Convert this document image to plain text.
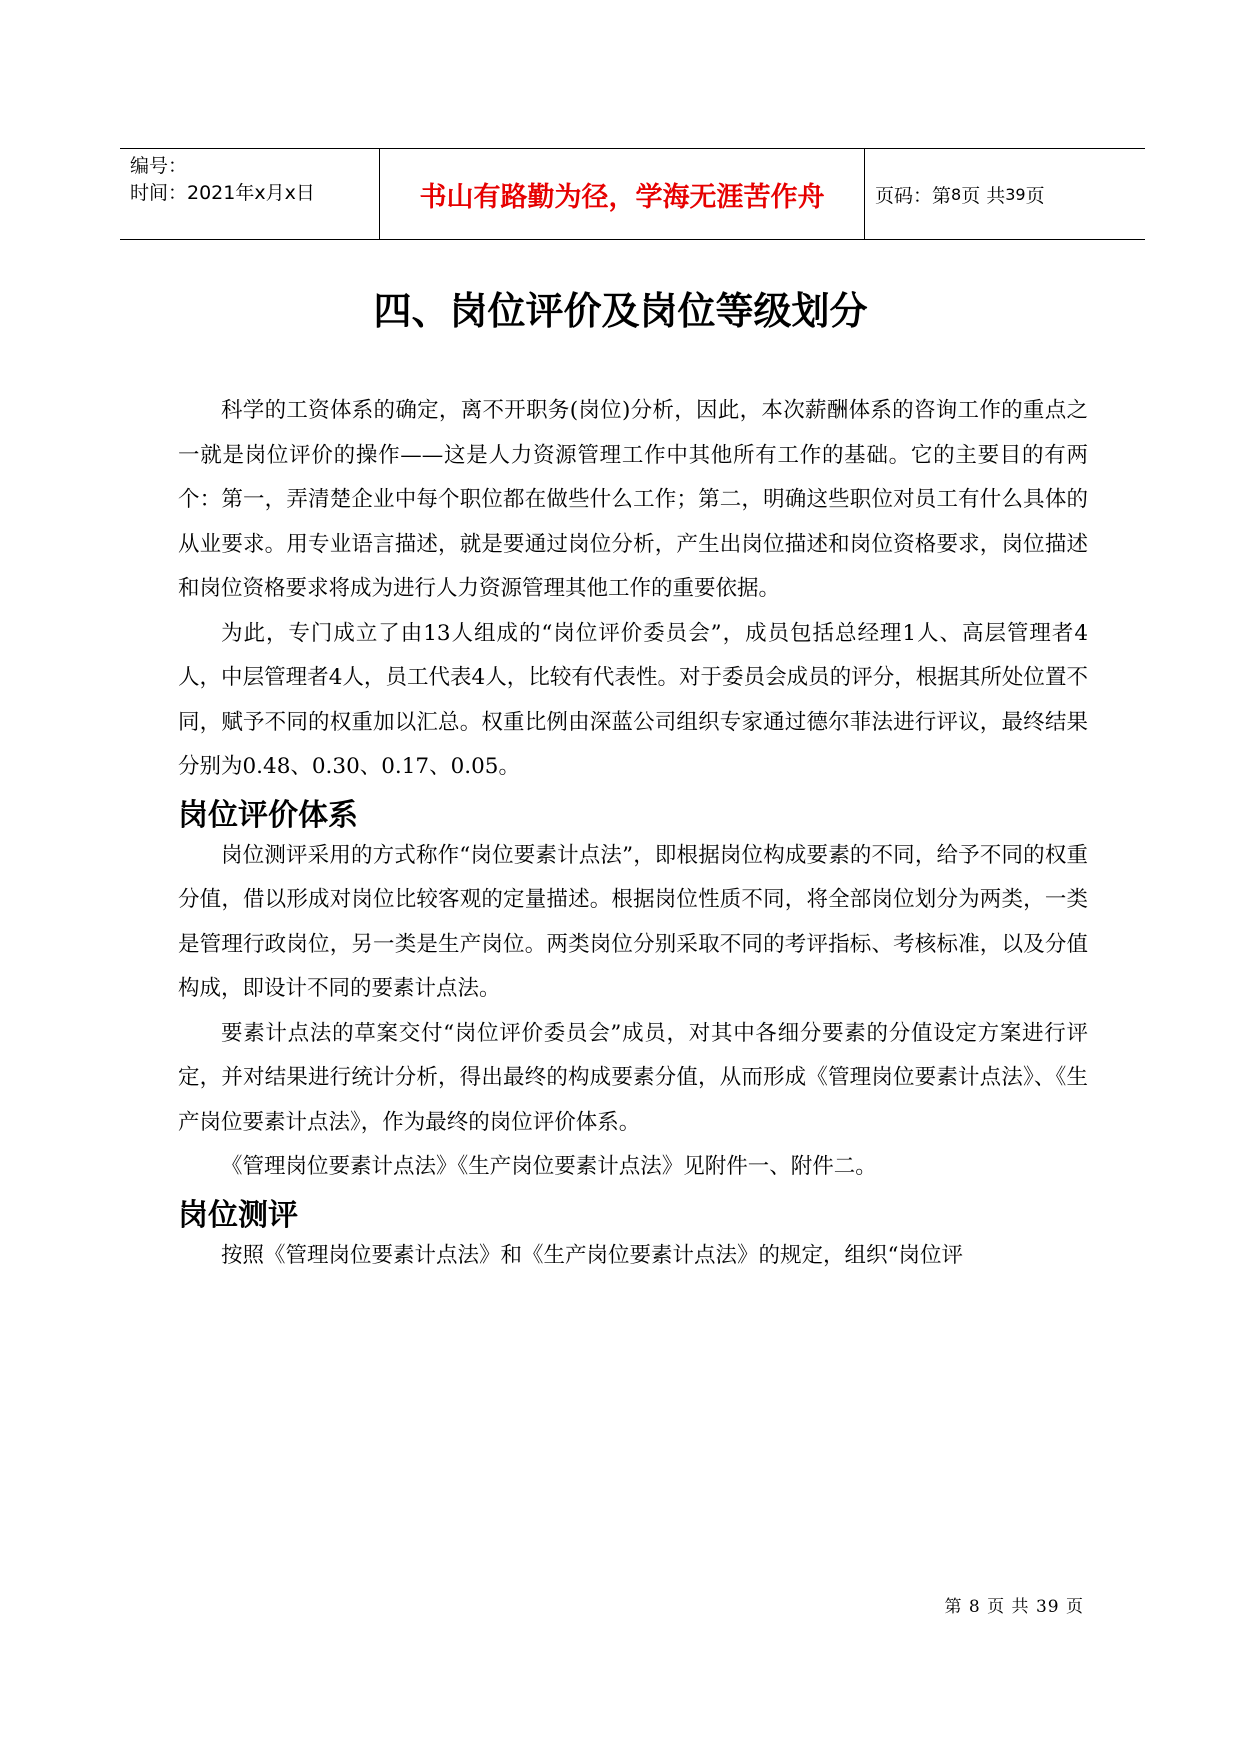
编号：
时间：2021年x月x日	书山有路勤为径，学海无涯苦作舟	页码：第 8 页 共 39 页
四、岗位评价及岗位等级划分

科学的工资体系的确定，离不开职务(岗位)分析，因此，本次薪酬体系的咨询工作的重点之一就是岗位评价的操作——这是人力资源管理工作中其他所有工作的基础。它的主要目的有两个：第一，弄清楚企业中每个职位都在做些什么工作；第二，明确这些职位对员工有什么具体的从业要求。用专业语言描述，就是要通过岗位分析，产生出岗位描述和岗位资格要求，岗位描述和岗位资格要求将成为进行人力资源管理其他工作的重要依据。

为此，专门成立了由13人组成的“岗位评价委员会”，成员包括总经理1人、高层管理者4人，中层管理者4人，员工代表4人，比较有代表性。对于委员会成员的评分，根据其所处位置不同，赋予不同的权重加以汇总。权重比例由深蓝公司组织专家通过德尔菲法进行评议，最终结果分别为0.48、0.30、0.17、0.05。

岗位评价体系

岗位测评采用的方式称作“岗位要素计点法”，即根据岗位构成要素的不同，给予不同的权重分值，借以形成对岗位比较客观的定量描述。根据岗位性质不同，将全部岗位划分为两类，一类是管理行政岗位，另一类是生产岗位。两类岗位分别采取不同的考评指标、考核标准，以及分值构成，即设计不同的要素计点法。

要素计点法的草案交付“岗位评价委员会”成员，对其中各细分要素的分值设定方案进行评定，并对结果进行统计分析，得出最终的构成要素分值，从而形成《管理岗位要素计点法》、《生产岗位要素计点法》，作为最终的岗位评价体系。

《管理岗位要素计点法》《生产岗位要素计点法》见附件一、附件二。

岗位测评

按照《管理岗位要素计点法》和《生产岗位要素计点法》的规定，组织“岗位评

第 8 页 共 39 页
